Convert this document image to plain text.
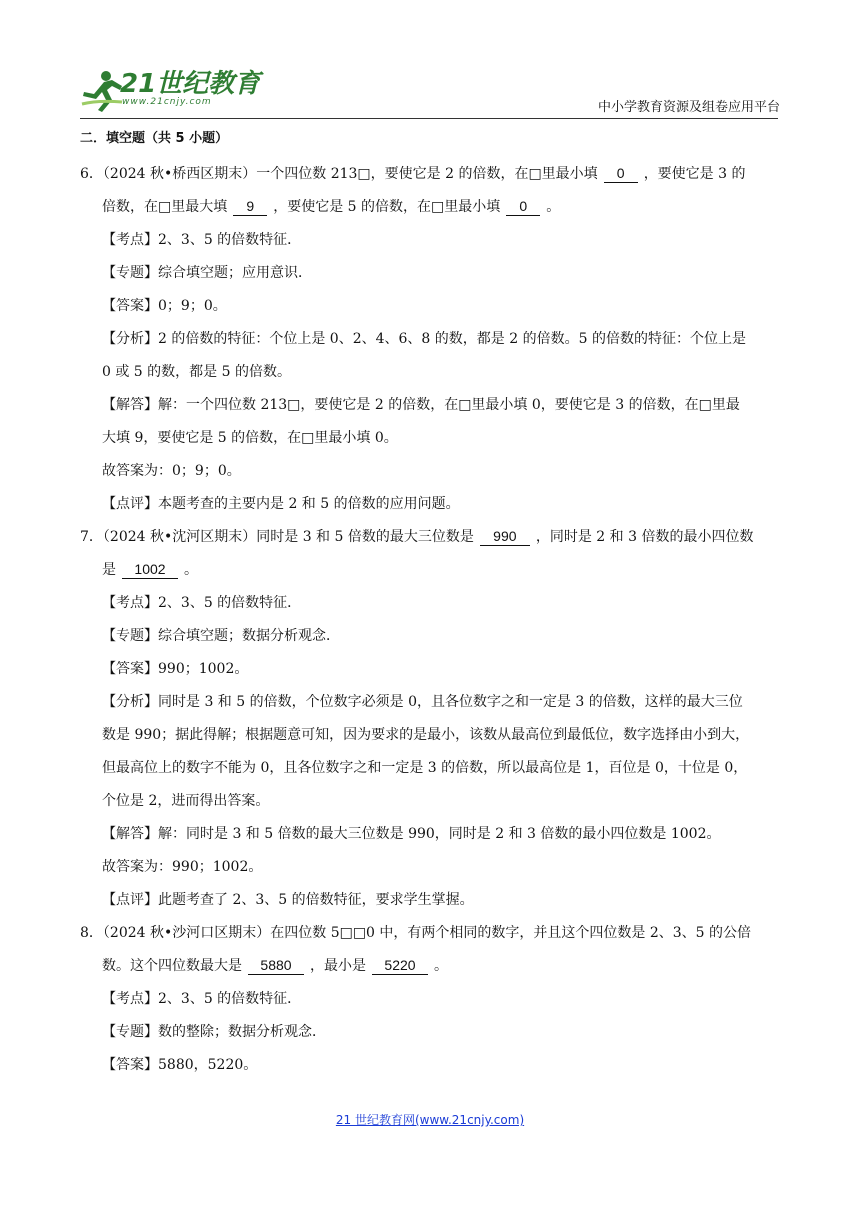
21世纪教育
www.21cnjy.com	中小学教育资源及组卷应用平台
二．填空题（共 5 小题）

6．（2024 秋•桥西区期末）一个四位数 213□，要使它是 2 的倍数，在□里最小填 0 ，要使它是 3 的

倍数，在□里最大填 9 ，要使它是 5 的倍数，在□里最小填 0 。

【考点】2、3、5 的倍数特征．

【专题】综合填空题；应用意识．

【答案】0；9；0。

【分析】2 的倍数的特征：个位上是 0、2、4、6、8 的数，都是 2 的倍数。5 的倍数的特征：个位上是

0 或 5 的数，都是 5 的倍数。

【解答】解：一个四位数 213□，要使它是 2 的倍数，在□里最小填 0，要使它是 3 的倍数，在□里最

大填 9，要使它是 5 的倍数，在□里最小填 0。

故答案为：0；9；0。

【点评】本题考查的主要内是 2 和 5 的倍数的应用问题。

7．（2024 秋•沈河区期末）同时是 3 和 5 倍数的最大三位数是 990 ，同时是 2 和 3 倍数的最小四位数

是 1002 。

【考点】2、3、5 的倍数特征．

【专题】综合填空题；数据分析观念．

【答案】990；1002。

【分析】同时是 3 和 5 的倍数，个位数字必须是 0，且各位数字之和一定是 3 的倍数，这样的最大三位

数是 990；据此得解；根据题意可知，因为要求的是最小，该数从最高位到最低位，数字选择由小到大，

但最高位上的数字不能为 0，且各位数字之和一定是 3 的倍数，所以最高位是 1，百位是 0，十位是 0，

个位是 2，进而得出答案。

【解答】解：同时是 3 和 5 倍数的最大三位数是 990，同时是 2 和 3 倍数的最小四位数是 1002。

故答案为：990；1002。

【点评】此题考查了 2、3、5 的倍数特征，要求学生掌握。

8．（2024 秋•沙河口区期末）在四位数 5□□0 中，有两个相同的数字，并且这个四位数是 2、3、5 的公倍

数。这个四位数最大是 5880 ，最小是 5220 。

【考点】2、3、5 的倍数特征．

【专题】数的整除；数据分析观念．

【答案】5880，5220。

21 世纪教育网(www.21cnjy.com)
